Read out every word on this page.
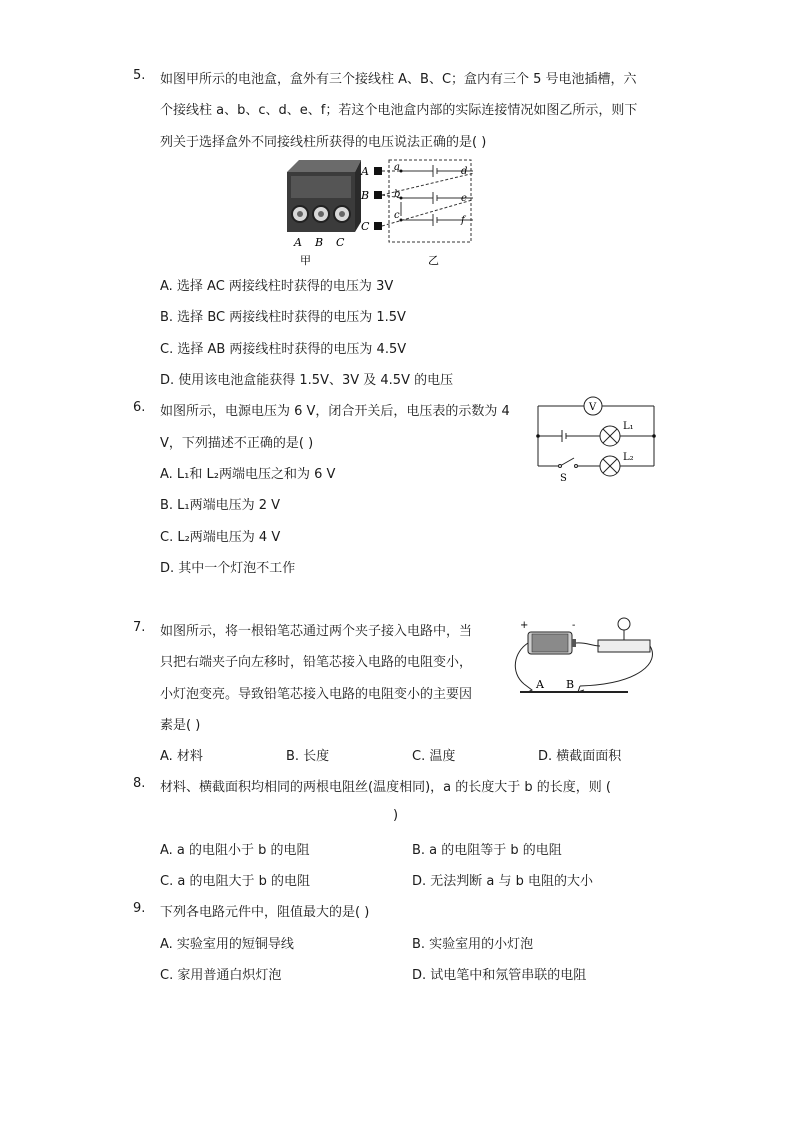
5. 如图甲所示的电池盒，盒外有三个接线柱 A、B、C；盒内有三个 5 号电池插槽，六
个接线柱 a、b、c、d、e、f；若这个电池盒内部的实际连接情况如图乙所示，则下
列关于选择盒外不同接线柱所获得的电压说法正确的是( )
A B C
甲
A
B
C
a
b
c
d
e
f
乙
A. 选择 AC 两接线柱时获得的电压为 3V
B. 选择 BC 两接线柱时获得的电压为 1.5V
C. 选择 AB 两接线柱时获得的电压为 4.5V
D. 使用该电池盒能获得 1.5V、3V 及 4.5V 的电压
6. 如图所示，电源电压为 6 V，闭合开关后，电压表的示数为 4
V，下列描述不正确的是( )
A. L₁和 L₂两端电压之和为 6 V
B. L₁两端电压为 2 V
C. L₂两端电压为 4 V
D. 其中一个灯泡不工作
V
L₁
L₂
S
7. 如图所示，将一根铅笔芯通过两个夹子接入电路中，当
只把右端夹子向左移时，铅笔芯接入电路的电阻变小，
小灯泡变亮。导致铅笔芯接入电路的电阻变小的主要因
素是( )
+	-
A B
A. 材料	B. 长度	C. 温度	D. 横截面面积
8. 材料、横截面积均相同的两根电阻丝(温度相同)，a 的长度大于 b 的长度，则 (
)
A. a 的电阻小于 b 的电阻	B. a 的电阻等于 b 的电阻
C. a 的电阻大于 b 的电阻	D. 无法判断 a 与 b 电阻的大小
9. 下列各电路元件中，阻值最大的是( )
A. 实验室用的短铜导线	B. 实验室用的小灯泡
C. 家用普通白炽灯泡	D. 试电笔中和氖管串联的电阻
